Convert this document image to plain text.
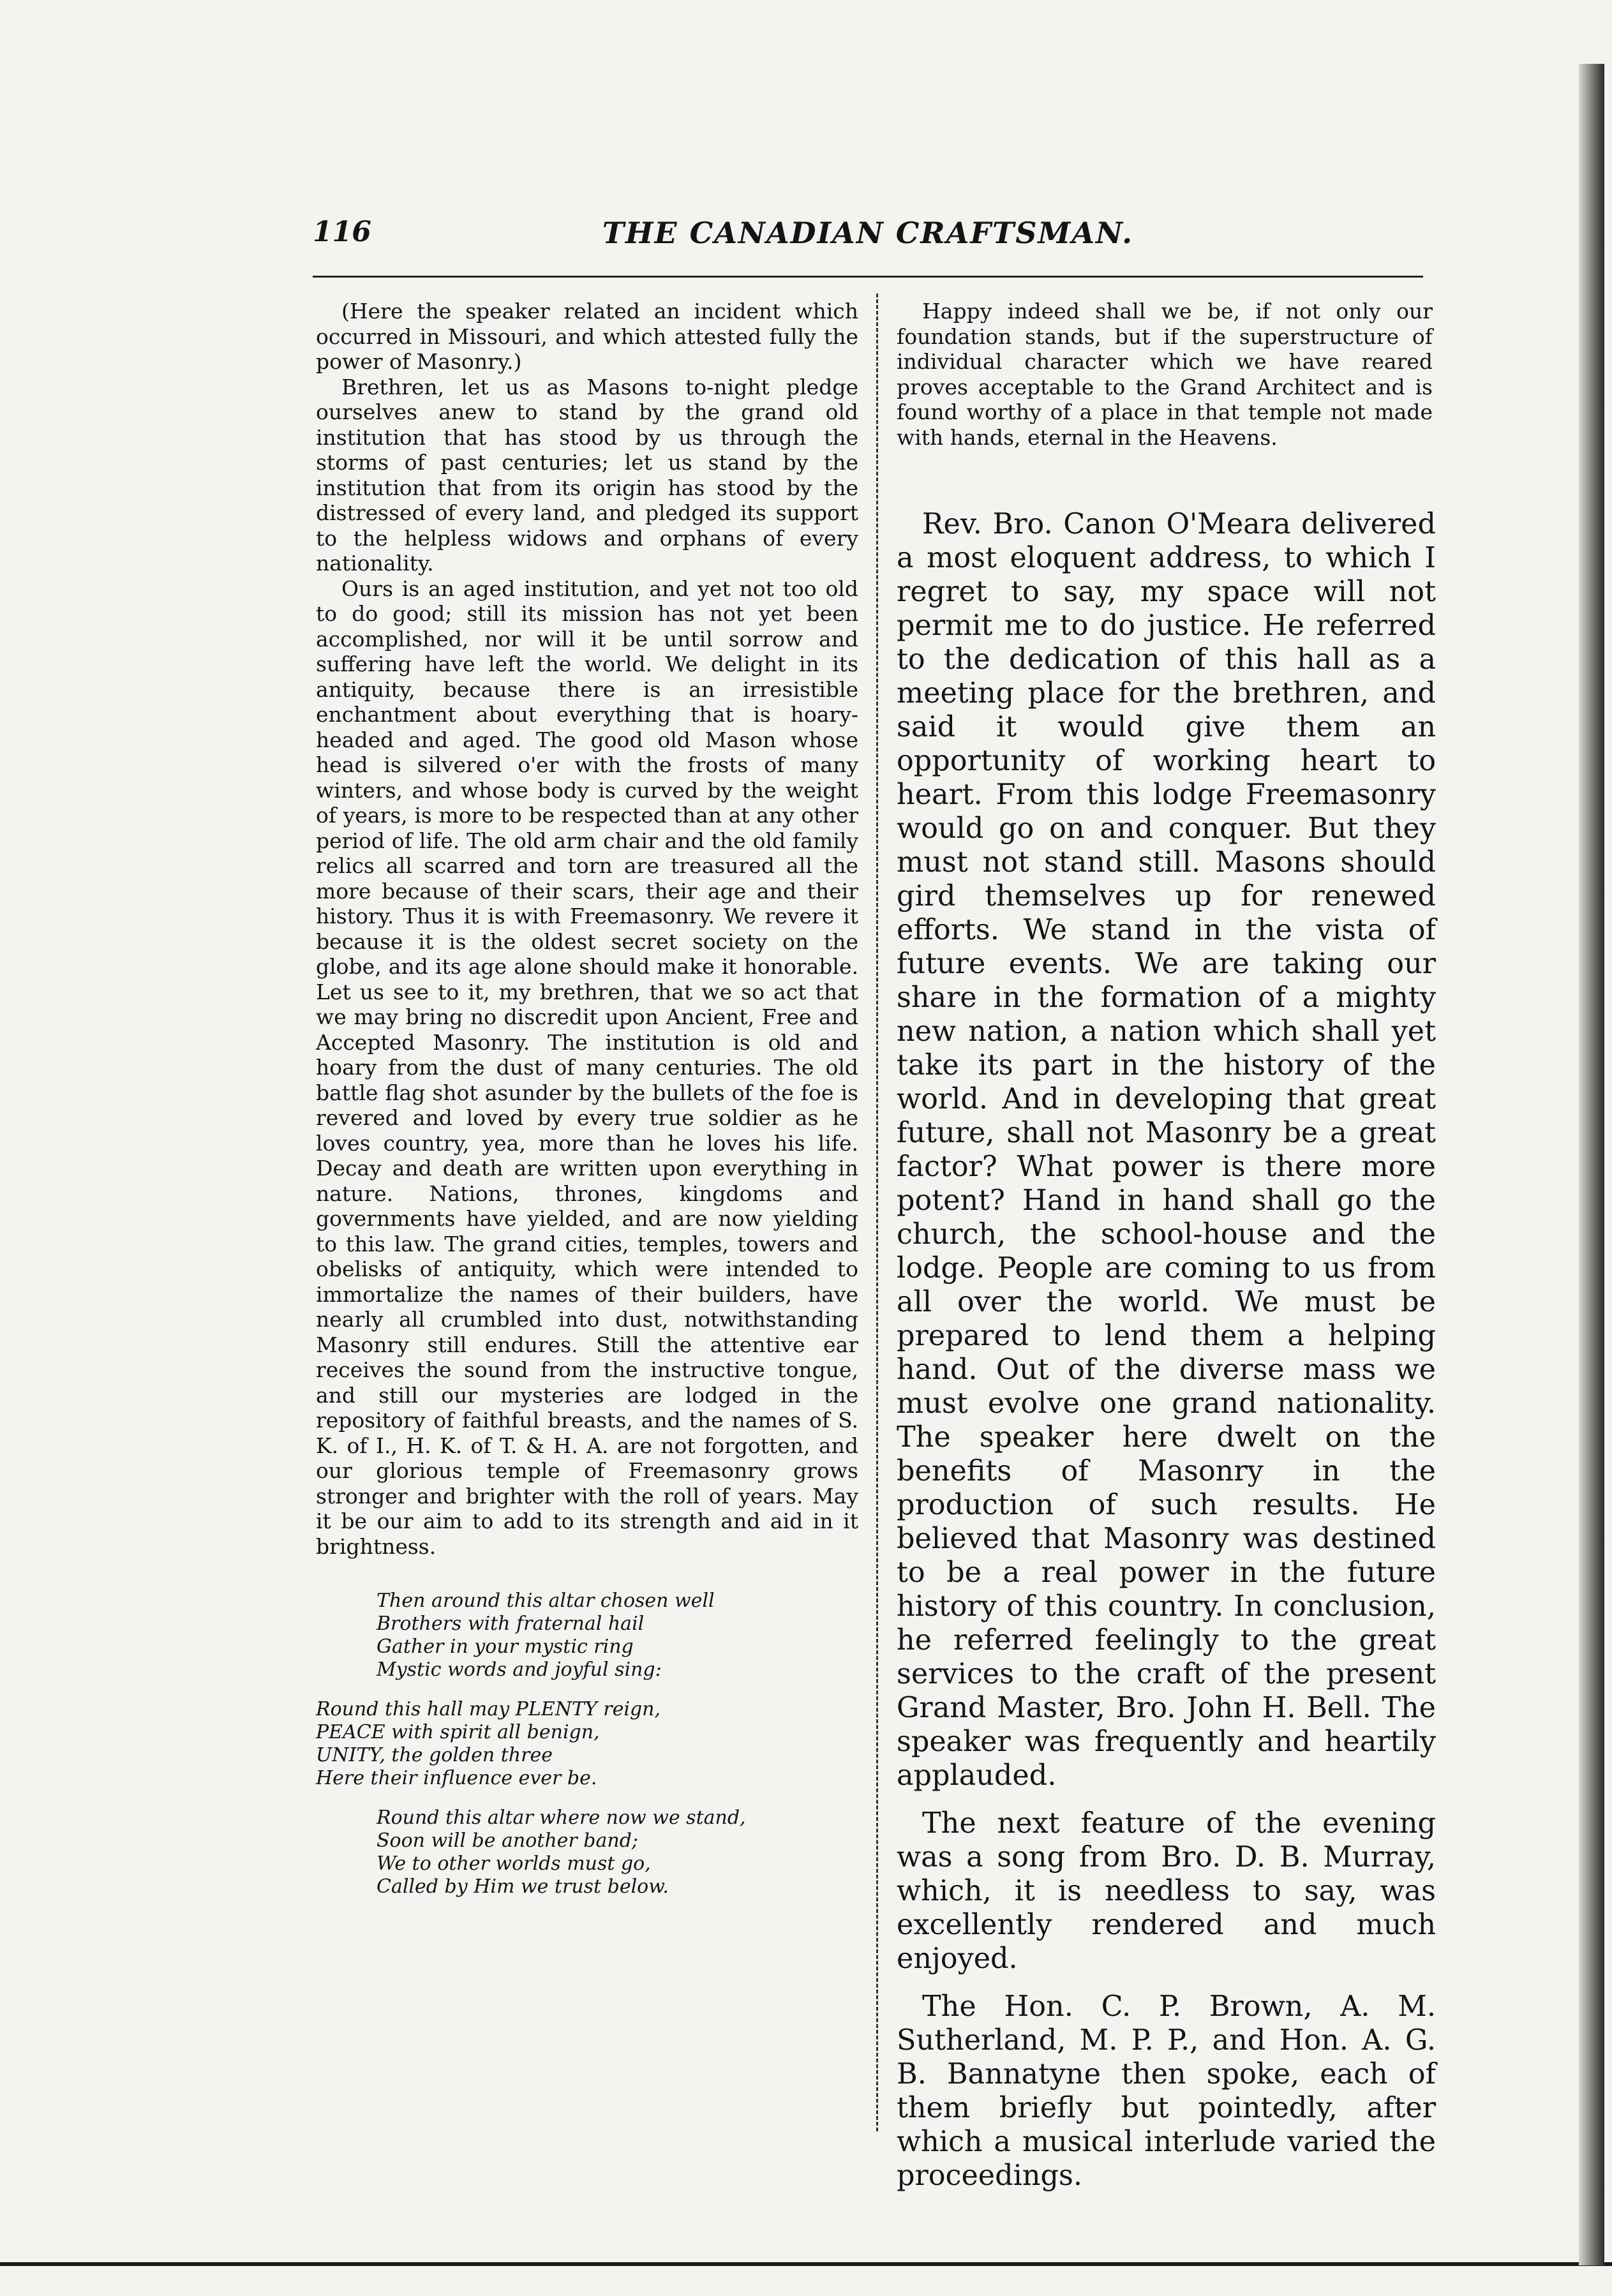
116	THE CANADIAN CRAFTSMAN.

(Here the speaker related an incident which occurred in Missouri, and which attested fully the power of Masonry.)

Brethren, let us as Masons to-night pledge ourselves anew to stand by the grand old institution that has stood by us through the storms of past centuries; let us stand by the institution that from its origin has stood by the distressed of every land, and pledged its support to the helpless widows and orphans of every nationality.

Ours is an aged institution, and yet not too old to do good; still its mission has not yet been accomplished, nor will it be until sorrow and suffering have left the world. We delight in its antiquity, because there is an irresistible enchantment about everything that is hoary-headed and aged. The good old Mason whose head is silvered o'er with the frosts of many winters, and whose body is curved by the weight of years, is more to be respected than at any other period of life. The old arm chair and the old family relics all scarred and torn are treasured all the more because of their scars, their age and their history. Thus it is with Freemasonry. We revere it because it is the oldest secret society on the globe, and its age alone should make it honorable. Let us see to it, my brethren, that we so act that we may bring no discredit upon Ancient, Free and Accepted Masonry. The institution is old and hoary from the dust of many centuries. The old battle flag shot asunder by the bullets of the foe is revered and loved by every true soldier as he loves country, yea, more than he loves his life. Decay and death are written upon everything in nature. Nations, thrones, kingdoms and governments have yielded, and are now yielding to this law. The grand cities, temples, towers and obelisks of antiquity, which were intended to immortalize the names of their builders, have nearly all crumbled into dust, notwithstanding Masonry still endures. Still the attentive ear receives the sound from the instructive tongue, and still our mysteries are lodged in the repository of faithful breasts, and the names of S. K. of I., H. K. of T. & H. A. are not forgotten, and our glorious temple of Freemasonry grows stronger and brighter with the roll of years. May it be our aim to add to its strength and aid in it brightness.

Then around this altar chosen well
Brothers with fraternal hail
Gather in your mystic ring
Mystic words and joyful sing:
Round this hall may PLENTY reign,
PEACE with spirit all benign,
UNITY, the golden three
Here their influence ever be.
Round this altar where now we stand,
Soon will be another band;
We to other worlds must go,
Called by Him we trust below.

Happy indeed shall we be, if not only our foundation stands, but if the superstructure of individual character which we have reared proves acceptable to the Grand Architect and is found worthy of a place in that temple not made with hands, eternal in the Heavens.

Rev. Bro. Canon O'Meara delivered a most eloquent address, to which I regret to say, my space will not permit me to do justice. He referred to the dedication of this hall as a meeting place for the brethren, and said it would give them an opportunity of working heart to heart. From this lodge Freemasonry would go on and conquer. But they must not stand still. Masons should gird themselves up for renewed efforts. We stand in the vista of future events. We are taking our share in the formation of a mighty new nation, a nation which shall yet take its part in the history of the world. And in developing that great future, shall not Masonry be a great factor? What power is there more potent? Hand in hand shall go the church, the school-house and the lodge. People are coming to us from all over the world. We must be prepared to lend them a helping hand. Out of the diverse mass we must evolve one grand nationality. The speaker here dwelt on the benefits of Masonry in the production of such results. He believed that Masonry was destined to be a real power in the future history of this country. In conclusion, he referred feelingly to the great services to the craft of the present Grand Master, Bro. John H. Bell. The speaker was frequently and heartily applauded.

The next feature of the evening was a song from Bro. D. B. Murray, which, it is needless to say, was excellently rendered and much enjoyed.

The Hon. C. P. Brown, A. M. Sutherland, M. P. P., and Hon. A. G. B. Bannatyne then spoke, each of them briefly but pointedly, after which a musical interlude varied the proceedings.
